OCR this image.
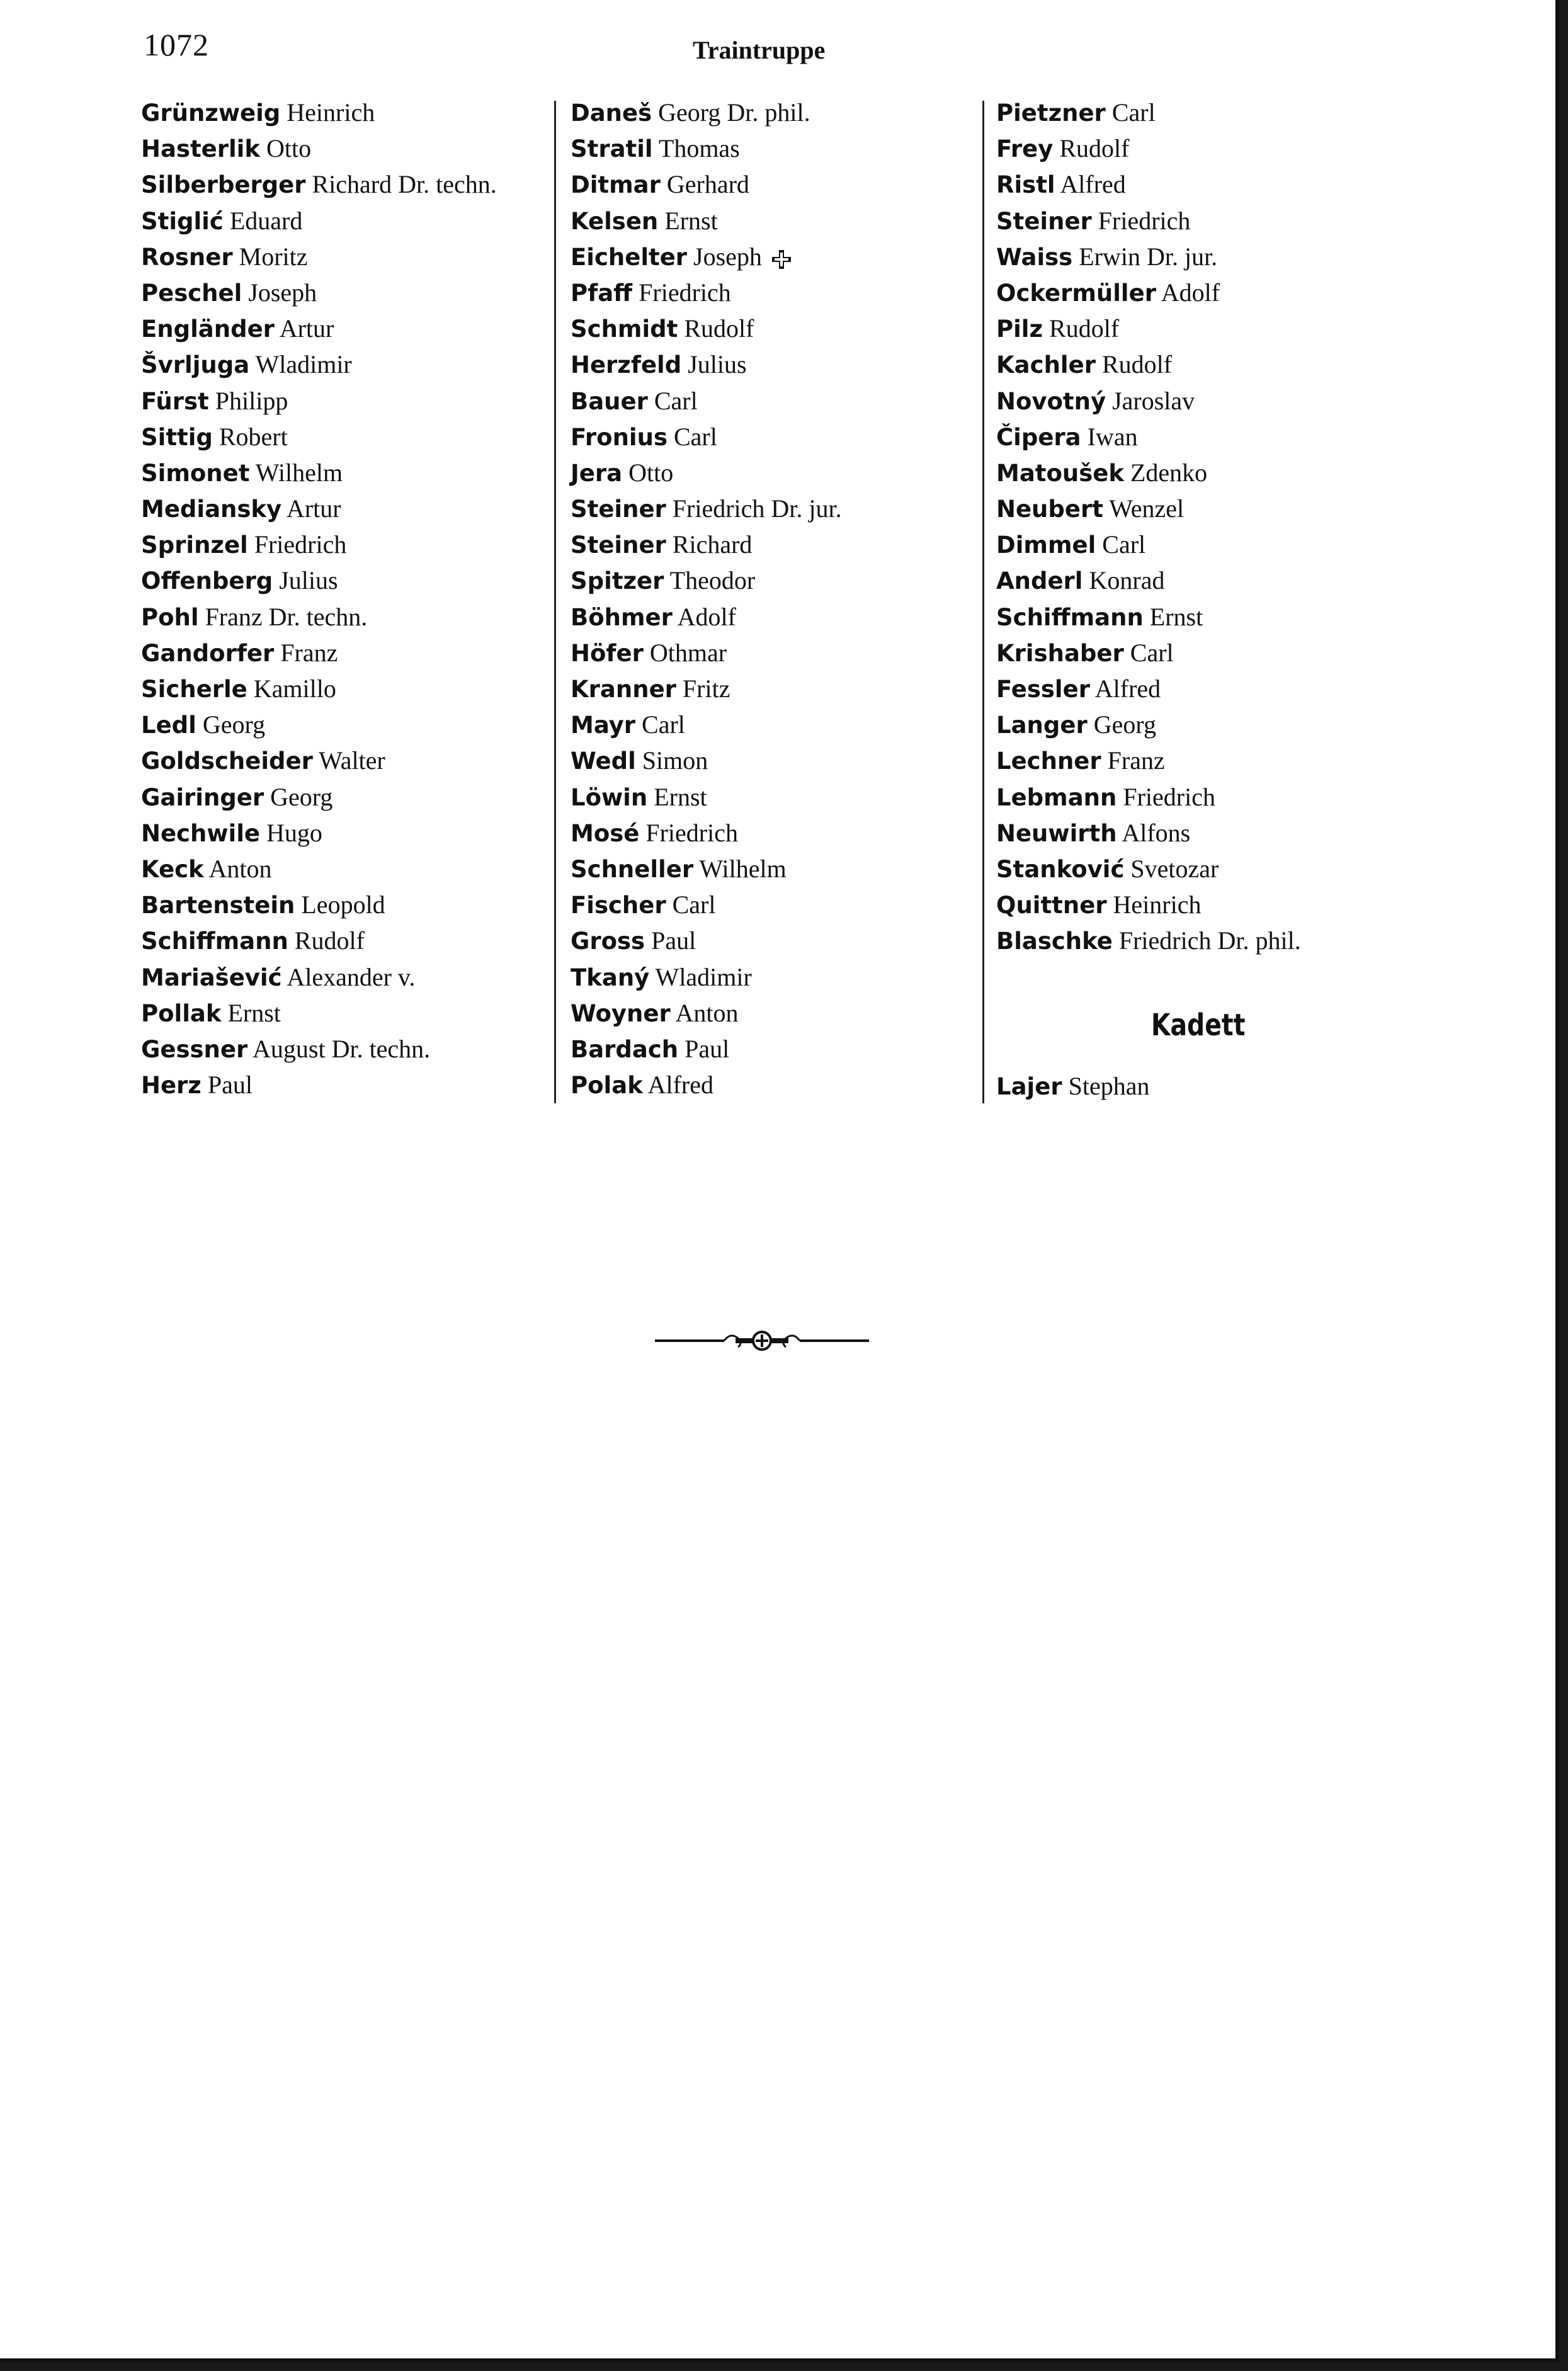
1072	Traintruppe
Grünzweig Heinrich
Hasterlik Otto
Silberberger Richard Dr. techn.
Stiglić Eduard
Rosner Moritz
Peschel Joseph
Engländer Artur
Švrljuga Wladimir
Fürst Philipp
Sittig Robert
Simonet Wilhelm
Mediansky Artur
Sprinzel Friedrich
Offenberg Julius
Pohl Franz Dr. techn.
Gandorfer Franz
Sicherle Kamillo
Ledl Georg
Goldscheider Walter
Gairinger Georg
Nechwile Hugo
Keck Anton
Bartenstein Leopold
Schiffmann Rudolf
Mariašević Alexander v.
Pollak Ernst
Gessner August Dr. techn.
Herz Paul
Daneš Georg Dr. phil.
Stratil Thomas
Ditmar Gerhard
Kelsen Ernst
Eichelter Joseph
Pfaff Friedrich
Schmidt Rudolf
Herzfeld Julius
Bauer Carl
Fronius Carl
Jera Otto
Steiner Friedrich Dr. jur.
Steiner Richard
Spitzer Theodor
Böhmer Adolf
Höfer Othmar
Kranner Fritz
Mayr Carl
Wedl Simon
Löwin Ernst
Mosé Friedrich
Schneller Wilhelm
Fischer Carl
Gross Paul
Tkaný Wladimir
Woyner Anton
Bardach Paul
Polak Alfred
Pietzner Carl
Frey Rudolf
Ristl Alfred
Steiner Friedrich
Waiss Erwin Dr. jur.
Ockermüller Adolf
Pilz Rudolf
Kachler Rudolf
Novotný Jaroslav
Čipera Iwan
Matoušek Zdenko
Neubert Wenzel
Dimmel Carl
Anderl Konrad
Schiffmann Ernst
Krishaber Carl
Fessler Alfred
Langer Georg
Lechner Franz
Lebmann Friedrich
Neuwirth Alfons
Stanković Svetozar
Quittner Heinrich
Blaschke Friedrich Dr. phil.
Kadett
Lajer Stephan
